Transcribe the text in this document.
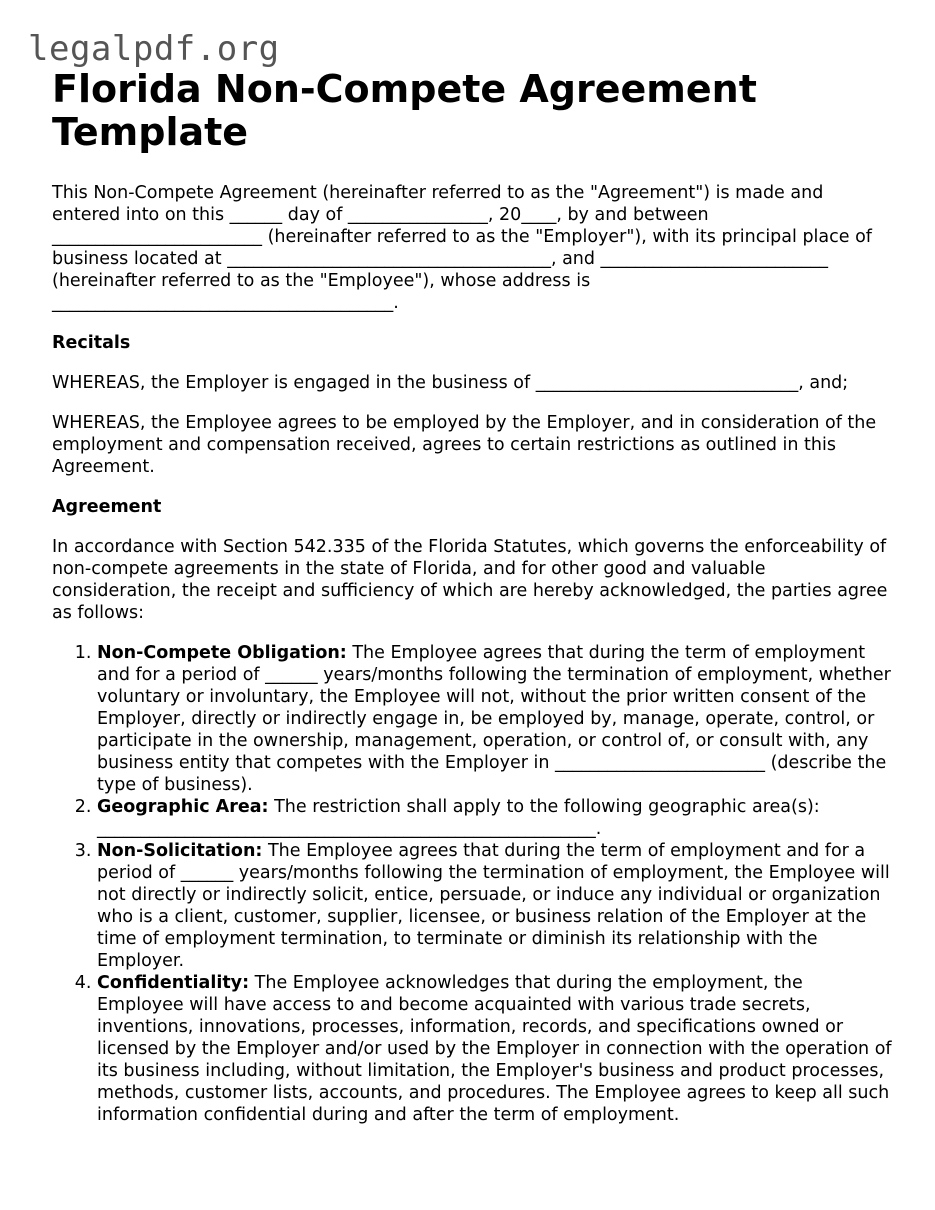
legalpdf.org
Florida Non-Compete Agreement Template

This Non-Compete Agreement (hereinafter referred to as the "Agreement") is made and entered into on this ______ day of ________________, 20____, by and between ________________________ (hereinafter referred to as the "Employer"), with its principal place of business located at _____________________________________, and __________________________ (hereinafter referred to as the "Employee"), whose address is _______________________________________.

Recitals

WHEREAS, the Employer is engaged in the business of ______________________________, and;

WHEREAS, the Employee agrees to be employed by the Employer, and in consideration of the employment and compensation received, agrees to certain restrictions as outlined in this Agreement.

Agreement

In accordance with Section 542.335 of the Florida Statutes, which governs the enforceability of non-compete agreements in the state of Florida, and for other good and valuable consideration, the receipt and sufficiency of which are hereby acknowledged, the parties agree as follows:

1. Non-Compete Obligation: The Employee agrees that during the term of employment and for a period of ______ years/months following the termination of employment, whether voluntary or involuntary, the Employee will not, without the prior written consent of the Employer, directly or indirectly engage in, be employed by, manage, operate, control, or participate in the ownership, management, operation, or control of, or consult with, any business entity that competes with the Employer in ________________________ (describe the type of business).
2. Geographic Area: The restriction shall apply to the following geographic area(s): _________________________________________________________.
3. Non-Solicitation: The Employee agrees that during the term of employment and for a period of ______ years/months following the termination of employment, the Employee will not directly or indirectly solicit, entice, persuade, or induce any individual or organization who is a client, customer, supplier, licensee, or business relation of the Employer at the time of employment termination, to terminate or diminish its relationship with the Employer.
4. Confidentiality: The Employee acknowledges that during the employment, the Employee will have access to and become acquainted with various trade secrets, inventions, innovations, processes, information, records, and specifications owned or licensed by the Employer and/or used by the Employer in connection with the operation of its business including, without limitation, the Employer's business and product processes, methods, customer lists, accounts, and procedures. The Employee agrees to keep all such information confidential during and after the term of employment.
